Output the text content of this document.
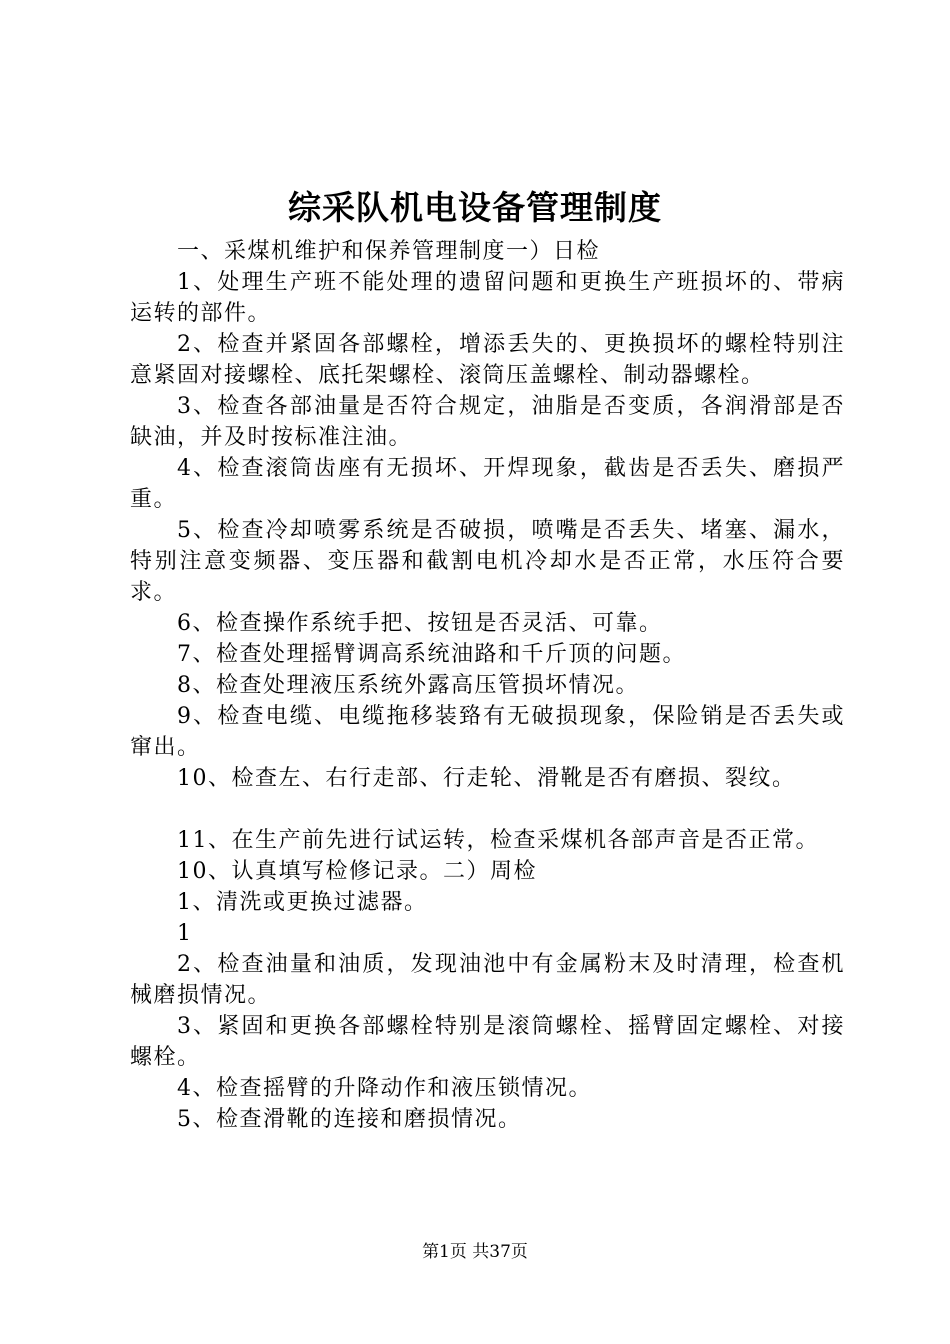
综采队机电设备管理制度

一、采煤机维护和保养管理制度一）日检

1、处理生产班不能处理的遗留问题和更换生产班损坏的、带病运转的部件。

2、检查并紧固各部螺栓，增添丢失的、更换损坏的螺栓特别注意紧固对接螺栓、底托架螺栓、滚筒压盖螺栓、制动器螺栓。

3、检查各部油量是否符合规定，油脂是否变质，各润滑部是否缺油，并及时按标准注油。

4、检查滚筒齿座有无损坏、开焊现象，截齿是否丢失、磨损严重。

5、检查冷却喷雾系统是否破损，喷嘴是否丢失、堵塞、漏水，特别注意变频器、变压器和截割电机冷却水是否正常，水压符合要求。

6、检查操作系统手把、按钮是否灵活、可靠。

7、检查处理摇臂调高系统油路和千斤顶的问题。

8、检查处理液压系统外露高压管损坏情况。

9、检查电缆、电缆拖移装臵有无破损现象，保险销是否丢失或窜出。

10、检查左、右行走部、行走轮、滑靴是否有磨损、裂纹。

11、在生产前先进行试运转，检查采煤机各部声音是否正常。

10、认真填写检修记录。二）周检

1、清洗或更换过滤器。

1

2、检查油量和油质，发现油池中有金属粉末及时清理，检查机械磨损情况。

3、紧固和更换各部螺栓特别是滚筒螺栓、摇臂固定螺栓、对接螺栓。

4、检查摇臂的升降动作和液压锁情况。

5、检查滑靴的连接和磨损情况。

第1页 共37页
